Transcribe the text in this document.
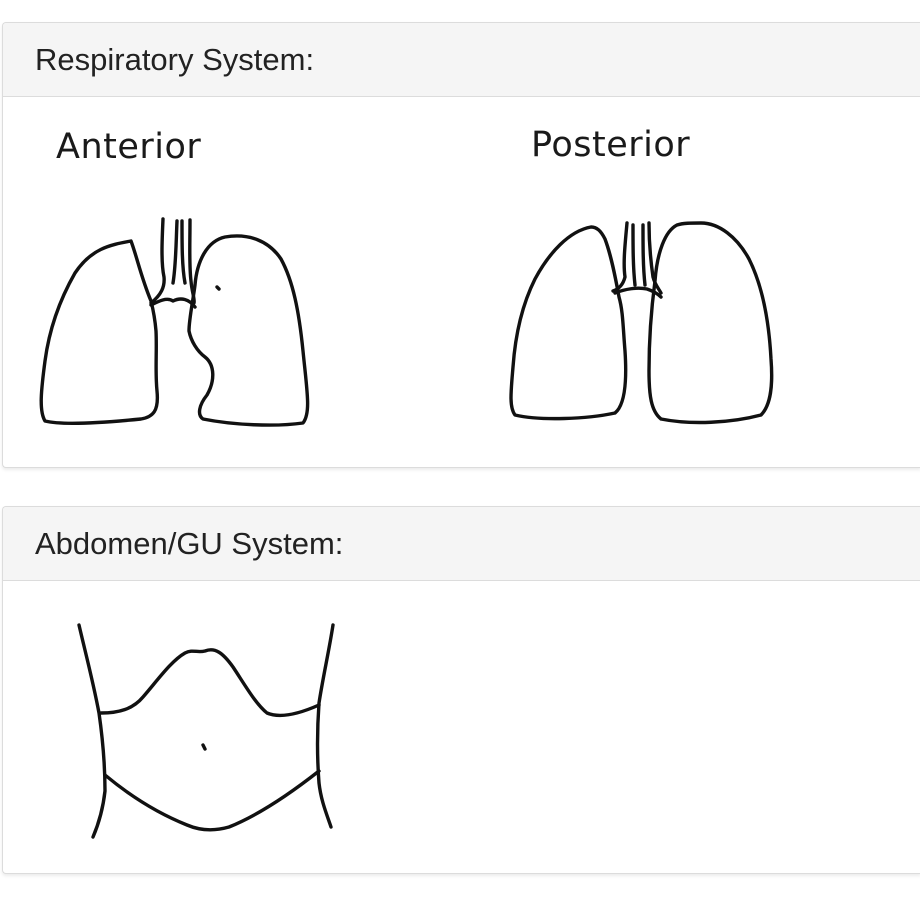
Respiratory System:
Anterior	Posterior
Abdomen/GU System:
